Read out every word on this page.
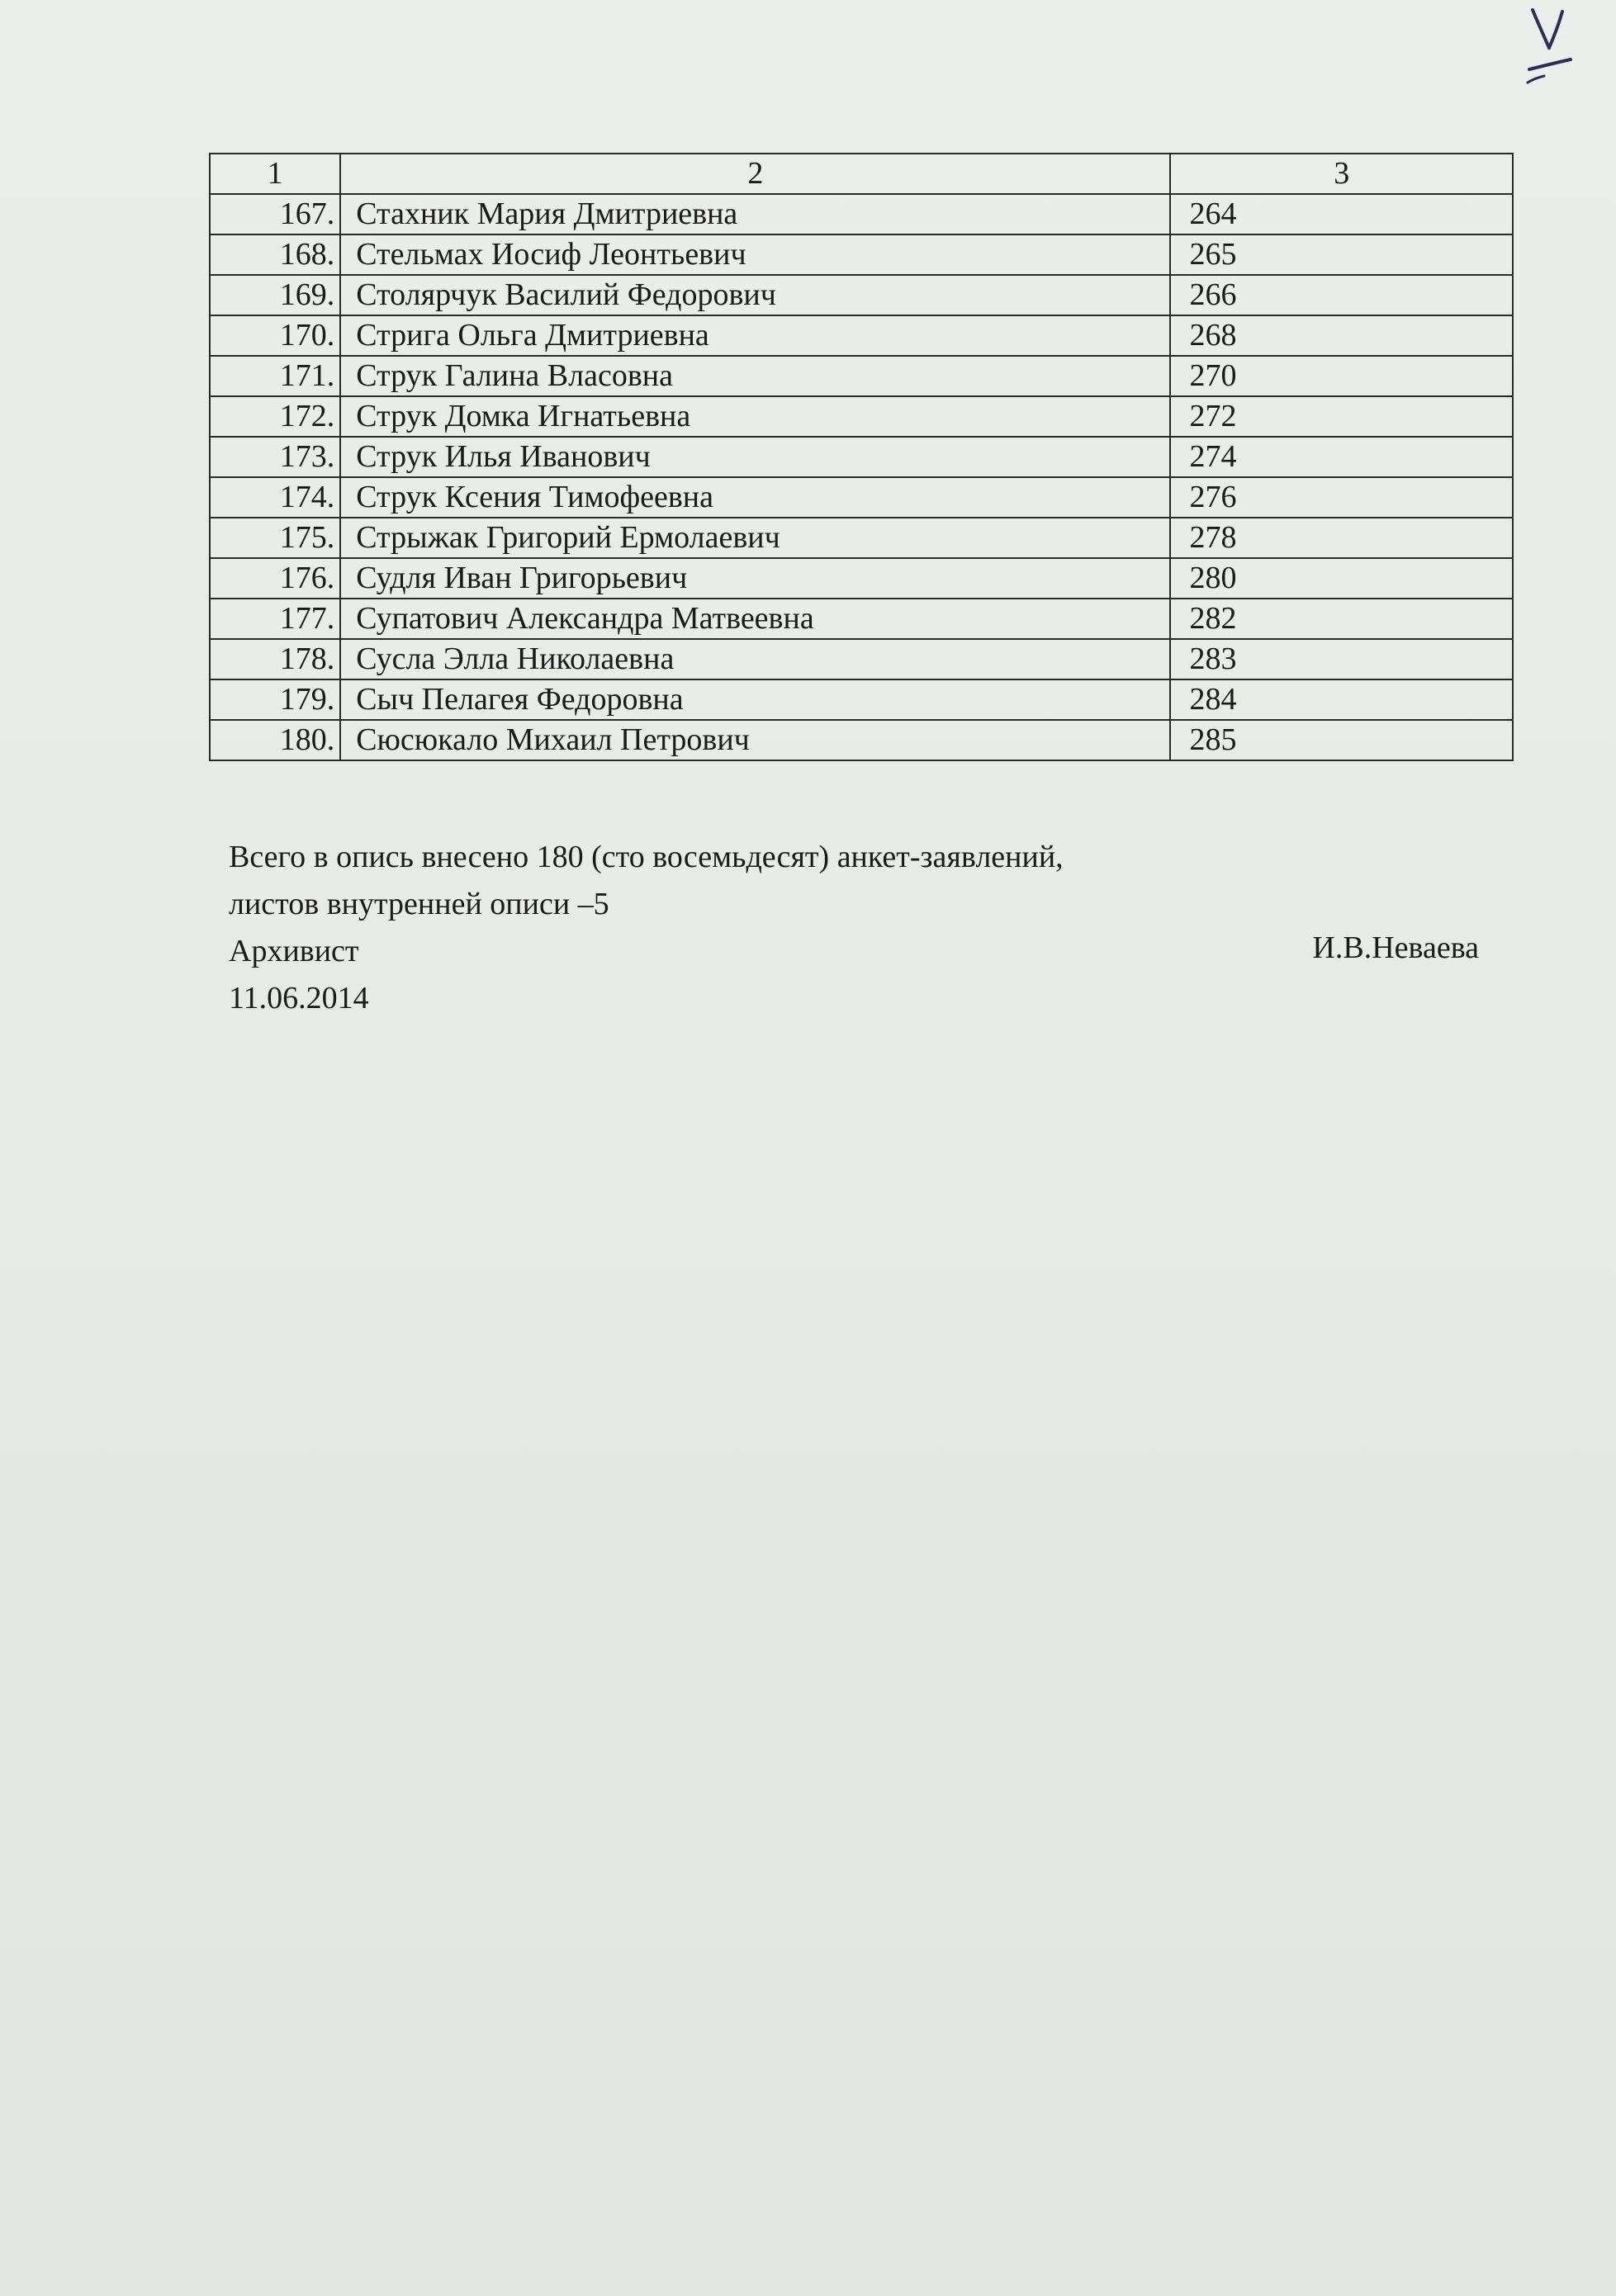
1	2	3
167.	Стахник Мария Дмитриевна	264
168.	Стельмах Иосиф Леонтьевич	265
169.	Столярчук Василий Федорович	266
170.	Стрига Ольга Дмитриевна	268
171.	Струк Галина Власовна	270
172.	Струк Домка Игнатьевна	272
173.	Струк Илья Иванович	274
174.	Струк Ксения Тимофеевна	276
175.	Стрыжак Григорий Ермолаевич	278
176.	Судля Иван Григорьевич	280
177.	Супатович Александра Матвеевна	282
178.	Сусла Элла Николаевна	283
179.	Сыч Пелагея Федоровна	284
180.	Сюсюкало Михаил Петрович	285
Всего в опись внесено 180 (сто восемьдесят) анкет-заявлений,
листов внутренней описи –5
Архивист	И.В.Неваева
11.06.2014
